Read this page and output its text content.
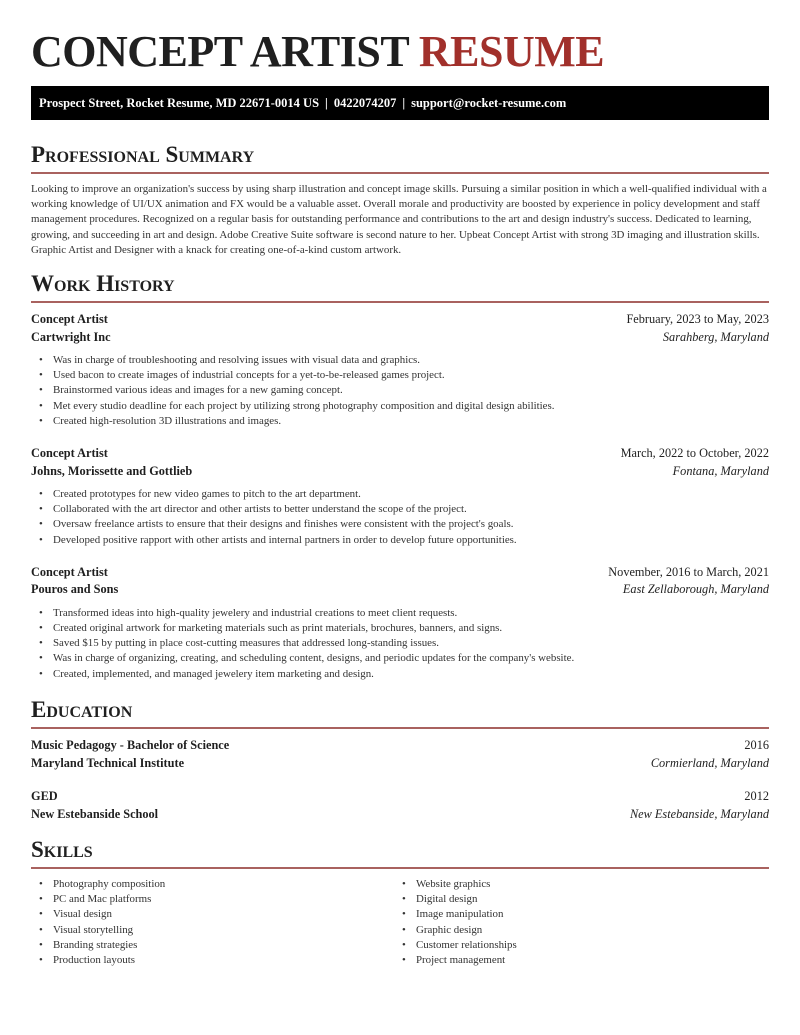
CONCEPT ARTIST RESUME
Prospect Street, Rocket Resume, MD 22671-0014 US | 0422074207 | support@rocket-resume.com
Professional Summary

Looking to improve an organization's success by using sharp illustration and concept image skills. Pursuing a similar position in which a well-qualified individual with a working knowledge of UI/UX animation and FX would be a valuable asset. Overall morale and productivity are boosted by experience in policy development and staff management procedures. Recognized on a regular basis for outstanding performance and contributions to the art and design industry's success. Dedicated to learning, growing, and succeeding in art and design. Adobe Creative Suite software is second nature to her. Upbeat Concept Artist with strong 3D imaging and illustration skills. Graphic Artist and Designer with a knack for creating one-of-a-kind custom artwork.

Work History
Concept Artist	February, 2023 to May, 2023
Cartwright Inc	Sarahberg, Maryland
• Was in charge of troubleshooting and resolving issues with visual data and graphics.
• Used bacon to create images of industrial concepts for a yet-to-be-released games project.
• Brainstormed various ideas and images for a new gaming concept.
• Met every studio deadline for each project by utilizing strong photography composition and digital design abilities.
• Created high-resolution 3D illustrations and images.
Concept Artist	March, 2022 to October, 2022
Johns, Morissette and Gottlieb	Fontana, Maryland
• Created prototypes for new video games to pitch to the art department.
• Collaborated with the art director and other artists to better understand the scope of the project.
• Oversaw freelance artists to ensure that their designs and finishes were consistent with the project's goals.
• Developed positive rapport with other artists and internal partners in order to develop future opportunities.
Concept Artist	November, 2016 to March, 2021
Pouros and Sons	East Zellaborough, Maryland
• Transformed ideas into high-quality jewelery and industrial creations to meet client requests.
• Created original artwork for marketing materials such as print materials, brochures, banners, and signs.
• Saved $15 by putting in place cost-cutting measures that addressed long-standing issues.
• Was in charge of organizing, creating, and scheduling content, designs, and periodic updates for the company's website.
• Created, implemented, and managed jewelery item marketing and design.
Education
Music Pedagogy - Bachelor of Science	2016
Maryland Technical Institute	Cormierland, Maryland
GED	2012
New Estebanside School	New Estebanside, Maryland
Skills
• Photography composition
• PC and Mac platforms
• Visual design
• Visual storytelling
• Branding strategies
• Production layouts
• Website graphics
• Digital design
• Image manipulation
• Graphic design
• Customer relationships
• Project management
